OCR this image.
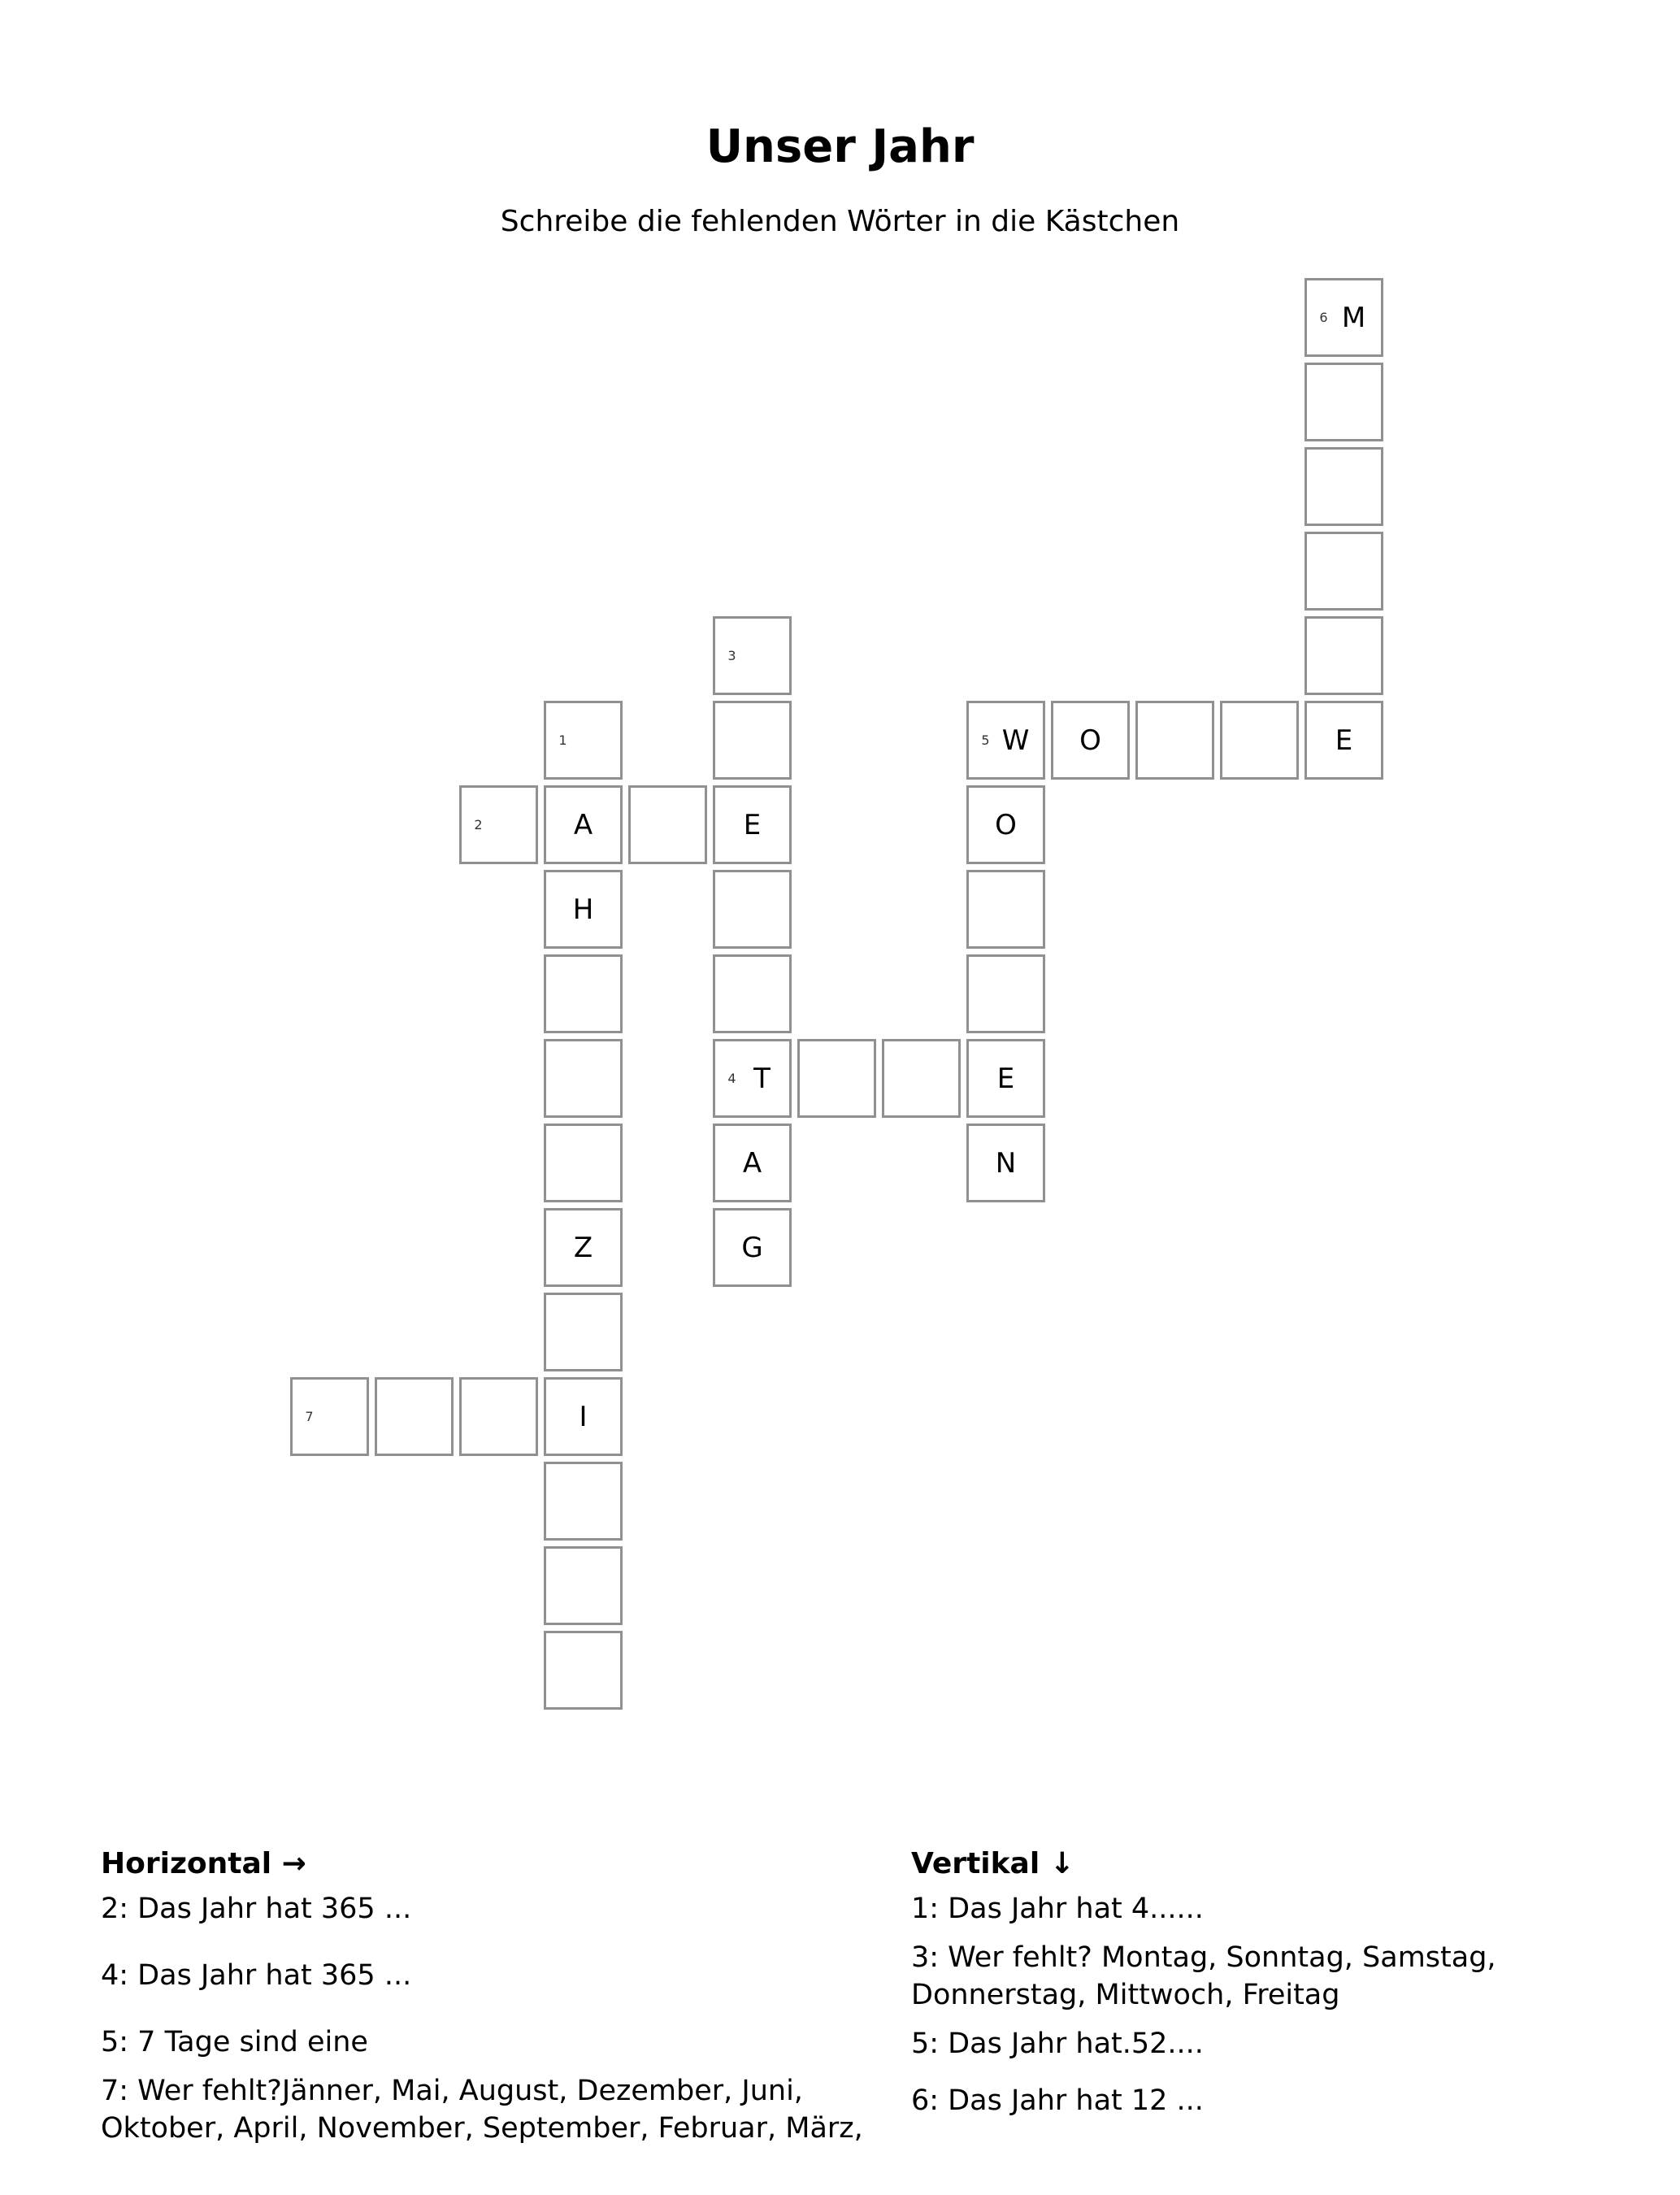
Unser Jahr

Schreibe die fehlenden Wörter in die Kästchen

6 M
3
1	5 W	O	E
2	A	E	O
H
4 T	E
A	N
Z	G
7	I
Horizontal →
2: Das Jahr hat 365 ...
4: Das Jahr hat 365 ...
5: 7 Tage sind eine
7: Wer fehlt?Jänner, Mai, August, Dezember, Juni, Oktober, April, November, September, Februar, März,
Vertikal ↓
1: Das Jahr hat 4......
3: Wer fehlt? Montag, Sonntag, Samstag, Donnerstag, Mittwoch, Freitag
5: Das Jahr hat.52....
6: Das Jahr hat 12 ...
